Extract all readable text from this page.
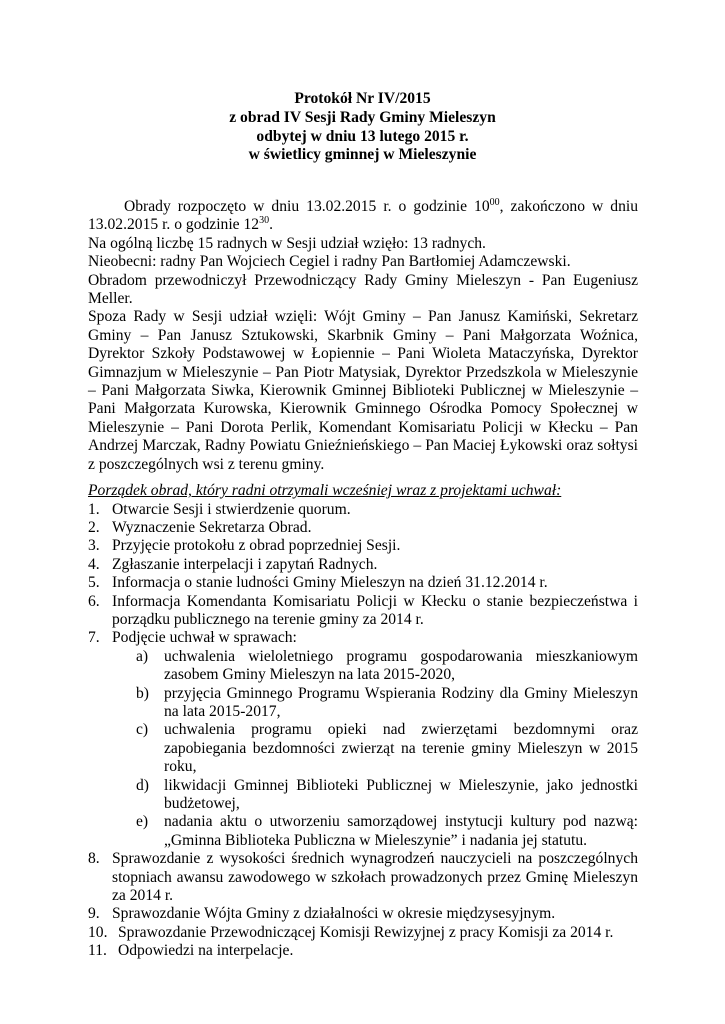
Protokół Nr IV/2015
z obrad IV Sesji Rady Gminy Mieleszyn
odbytej w dniu 13 lutego 2015 r.
w świetlicy gminnej w Mieleszynie

Obrady rozpoczęto w dniu 13.02.2015 r. o godzinie $10^{00}$, zakończono w dniu 13.02.2015 r. o godzinie $12^{30}$.

Na ogólną liczbę 15 radnych w Sesji udział wzięło: 13 radnych.

Nieobecni: radny Pan Wojciech Cegiel i radny Pan Bartłomiej Adamczewski.

Obradom przewodniczył Przewodniczący Rady Gminy Mieleszyn - Pan Eugeniusz Meller.

Spoza Rady w Sesji udział wzięli: Wójt Gminy – Pan Janusz Kamiński, Sekretarz Gminy – Pan Janusz Sztukowski, Skarbnik Gminy – Pani Małgorzata Woźnica, Dyrektor Szkoły Podstawowej w Łopiennie – Pani Wioleta Mataczyńska, Dyrektor Gimnazjum w Mieleszynie – Pan Piotr Matysiak, Dyrektor Przedszkola w Mieleszynie – Pani Małgorzata Siwka, Kierownik Gminnej Biblioteki Publicznej w Mieleszynie – Pani Małgorzata Kurowska, Kierownik Gminnego Ośrodka Pomocy Społecznej w Mieleszynie – Pani Dorota Perlik, Komendant Komisariatu Policji w Kłecku – Pan Andrzej Marczak, Radny Powiatu Gnieźnieńskiego – Pan Maciej Łykowski oraz sołtysi z poszczególnych wsi z terenu gminy.

Porządek obrad, który radni otrzymali wcześniej wraz z projektami uchwał:

1. Otwarcie Sesji i stwierdzenie quorum.
2. Wyznaczenie Sekretarza Obrad.
3. Przyjęcie protokołu z obrad poprzedniej Sesji.
4. Zgłaszanie interpelacji i zapytań Radnych.
5. Informacja o stanie ludności Gminy Mieleszyn na dzień 31.12.2014 r.
6. Informacja Komendanta Komisariatu Policji w Kłecku o stanie bezpieczeństwa i porządku publicznego na terenie gminy za 2014 r.
7. Podjęcie uchwał w sprawach:
a) uchwalenia wieloletniego programu gospodarowania mieszkaniowym zasobem Gminy Mieleszyn na lata 2015-2020,
b) przyjęcia Gminnego Programu Wspierania Rodziny dla Gminy Mieleszyn na lata 2015-2017,
c) uchwalenia programu opieki nad zwierzętami bezdomnymi oraz zapobiegania bezdomności zwierząt na terenie gminy Mieleszyn w 2015 roku,
d) likwidacji Gminnej Biblioteki Publicznej w Mieleszynie, jako jednostki budżetowej,
e) nadania aktu o utworzeniu samorządowej instytucji kultury pod nazwą: „Gminna Biblioteka Publiczna w Mieleszynie” i nadania jej statutu.
8. Sprawozdanie z wysokości średnich wynagrodzeń nauczycieli na poszczególnych stopniach awansu zawodowego w szkołach prowadzonych przez Gminę Mieleszyn za 2014 r.
9. Sprawozdanie Wójta Gminy z działalności w okresie międzysesyjnym.
10. Sprawozdanie Przewodniczącej Komisji Rewizyjnej z pracy Komisji za 2014 r.
11. Odpowiedzi na interpelacje.
